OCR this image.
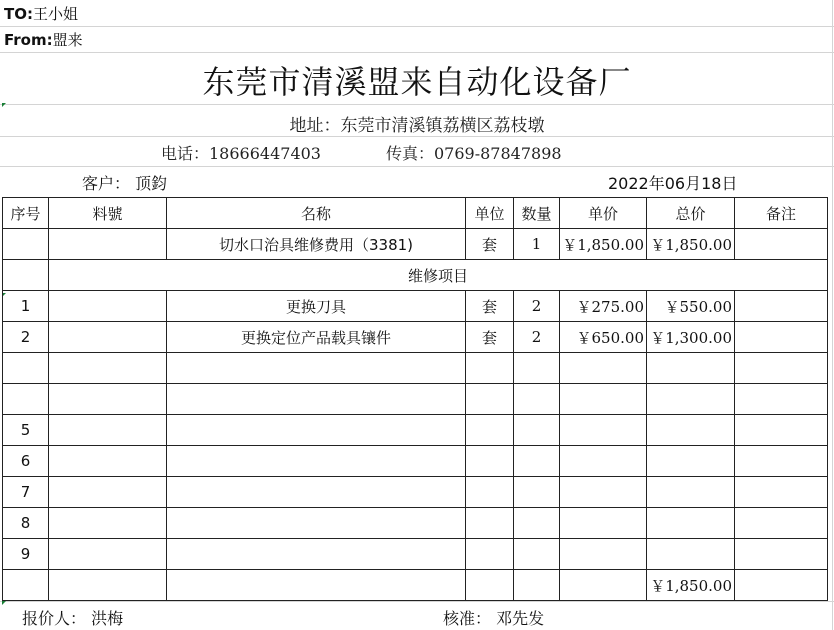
TO:王小姐
From:盟来
东莞市清溪盟来自动化设备厂
地址：东莞市清溪镇荔横区荔枝墩
电话：18666447403	传真：0769-87847898
客户： 顶鈞	2022年06月18日
序号	料號	名称	单位	数量	单价	总价	备注
		切水口治具维修费用（3381)	套	1	￥1,850.00	￥1,850.00	
	维修项目						
1		更换刀具	套	2	￥275.00	￥550.00	
2		更换定位产品载具镶件	套	2	￥650.00	￥1,300.00	

5							
6							
7							
8							
9							
						￥1,850.00	
报价人： 洪梅	核准： 邓先发
